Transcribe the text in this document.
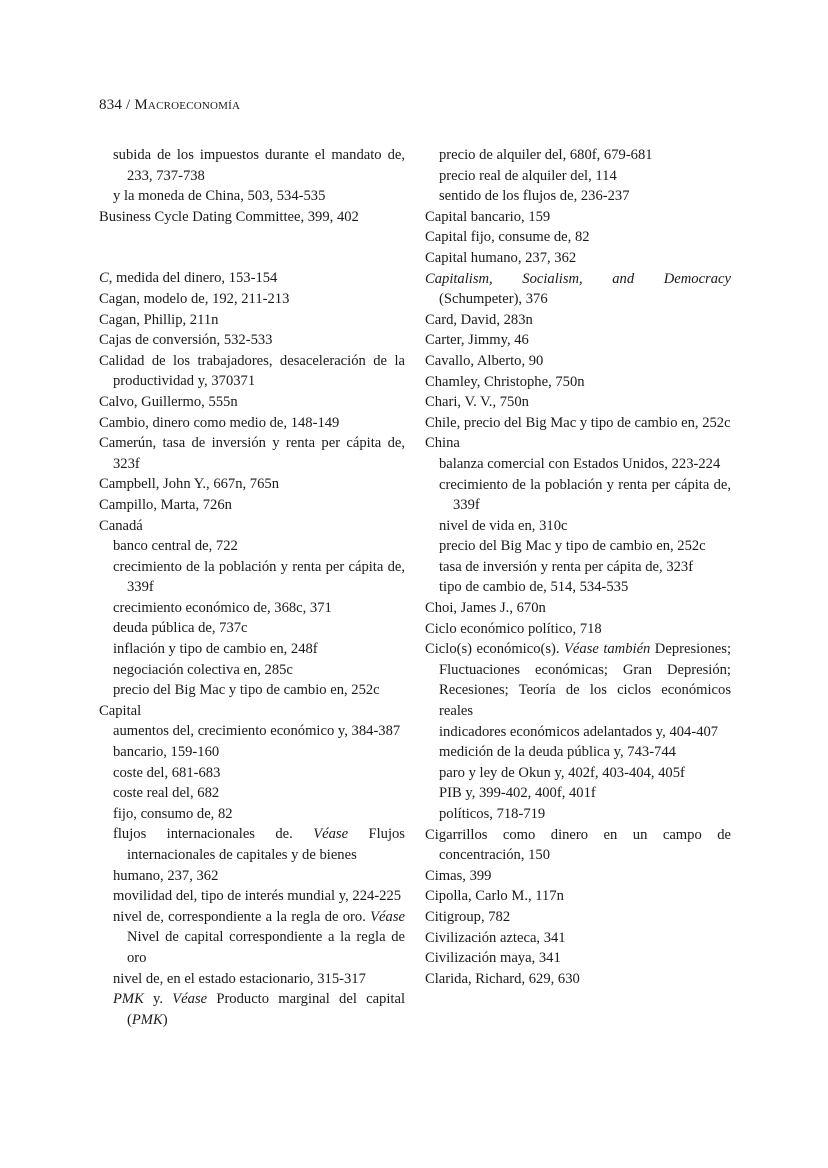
834 / Macroeconomía
subida de los impuestos durante el mandato de, 233, 737-738
y la moneda de China, 503, 534-535
Business Cycle Dating Committee, 399, 402
C, medida del dinero, 153-154
Cagan, modelo de, 192, 211-213
Cagan, Phillip, 211n
Cajas de conversión, 532-533
Calidad de los trabajadores, desaceleración de la productividad y, 370371
Calvo, Guillermo, 555n
Cambio, dinero como medio de, 148-149
Camerún, tasa de inversión y renta per cápita de, 323f
Campbell, John Y., 667n, 765n
Campillo, Marta, 726n
Canadá
banco central de, 722
crecimiento de la población y renta per cápita de, 339f
crecimiento económico de, 368c, 371
deuda pública de, 737c
inflación y tipo de cambio en, 248f
negociación colectiva en, 285c
precio del Big Mac y tipo de cambio en, 252c
Capital
aumentos del, crecimiento económico y, 384-387
bancario, 159-160
coste del, 681-683
coste real del, 682
fijo, consumo de, 82
flujos internacionales de. Véase Flujos internacionales de capitales y de bienes
humano, 237, 362
movilidad del, tipo de interés mundial y, 224-225
nivel de, correspondiente a la regla de oro. Véase Nivel de capital correspondiente a la regla de oro
nivel de, en el estado estacionario, 315-317
PMK y. Véase Producto marginal del capital (PMK)
precio de alquiler del, 680f, 679-681
precio real de alquiler del, 114
sentido de los flujos de, 236-237
Capital bancario, 159
Capital fijo, consume de, 82
Capital humano, 237, 362
Capitalism, Socialism, and Democracy (Schumpeter), 376
Card, David, 283n
Carter, Jimmy, 46
Cavallo, Alberto, 90
Chamley, Christophe, 750n
Chari, V. V., 750n
Chile, precio del Big Mac y tipo de cambio en, 252c
China
balanza comercial con Estados Unidos, 223-224
crecimiento de la población y renta per cápita de, 339f
nivel de vida en, 310c
precio del Big Mac y tipo de cambio en, 252c
tasa de inversión y renta per cápita de, 323f
tipo de cambio de, 514, 534-535
Choi, James J., 670n
Ciclo económico político, 718
Ciclo(s) económico(s). Véase también Depresiones; Fluctuaciones económicas; Gran Depresión; Recesiones; Teoría de los ciclos económicos reales
indicadores económicos adelantados y, 404-407
medición de la deuda pública y, 743-744
paro y ley de Okun y, 402f, 403-404, 405f
PIB y, 399-402, 400f, 401f
políticos, 718-719
Cigarrillos como dinero en un campo de concentración, 150
Cimas, 399
Cipolla, Carlo M., 117n
Citigroup, 782
Civilización azteca, 341
Civilización maya, 341
Clarida, Richard, 629, 630
